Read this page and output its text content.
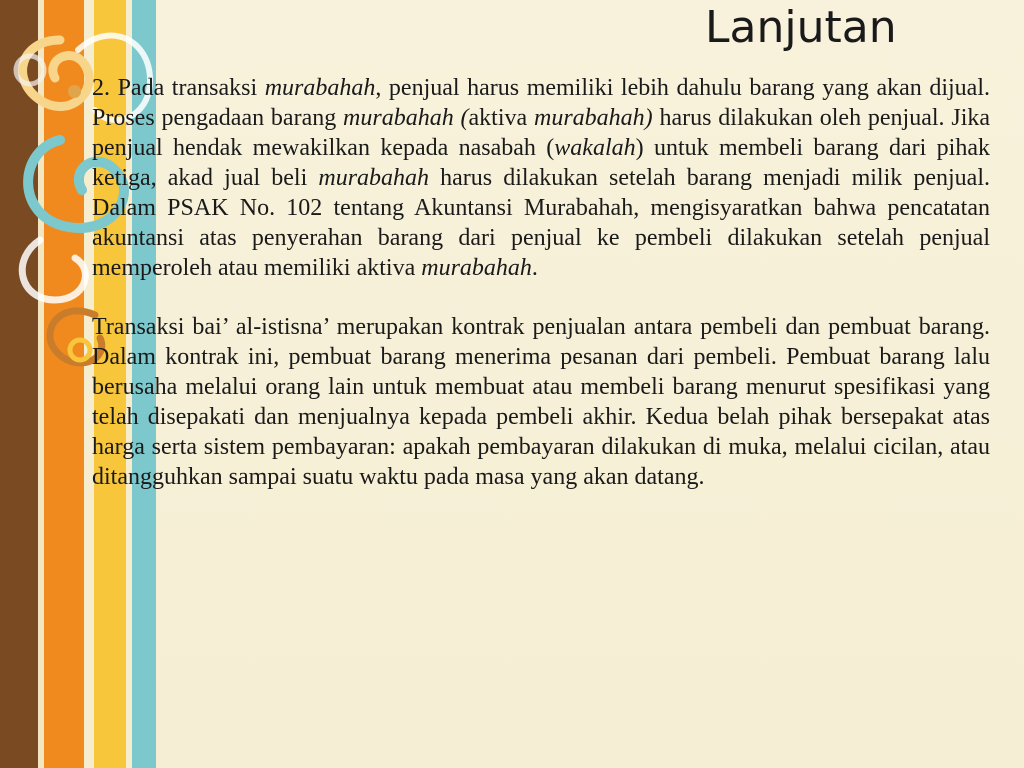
Lanjutan

2. Pada transaksi murabahah, penjual harus memiliki lebih dahulu barang yang akan dijual. Proses pengadaan barang murabahah (aktiva murabahah) harus dilakukan oleh penjual. Jika penjual hendak mewakilkan kepada nasabah (wakalah) untuk membeli barang dari pihak ketiga, akad jual beli murabahah harus dilakukan setelah barang menjadi milik penjual. Dalam PSAK No. 102 tentang Akuntansi Murabahah, mengisyaratkan bahwa pencatatan akuntansi atas penyerahan barang dari penjual ke pembeli dilakukan setelah penjual memperoleh atau memiliki aktiva murabahah.

Transaksi bai’ al-istisna’ merupakan kontrak penjualan antara pembeli dan pembuat barang. Dalam kontrak ini, pembuat barang menerima pesanan dari pembeli. Pembuat barang lalu berusaha melalui orang lain untuk membuat atau membeli barang menurut spesifikasi yang telah disepakati dan menjualnya kepada pembeli akhir. Kedua belah pihak bersepakat atas harga serta sistem pembayaran: apakah pembayaran dilakukan di muka, melalui cicilan, atau ditangguhkan sampai suatu waktu pada masa yang akan datang.
